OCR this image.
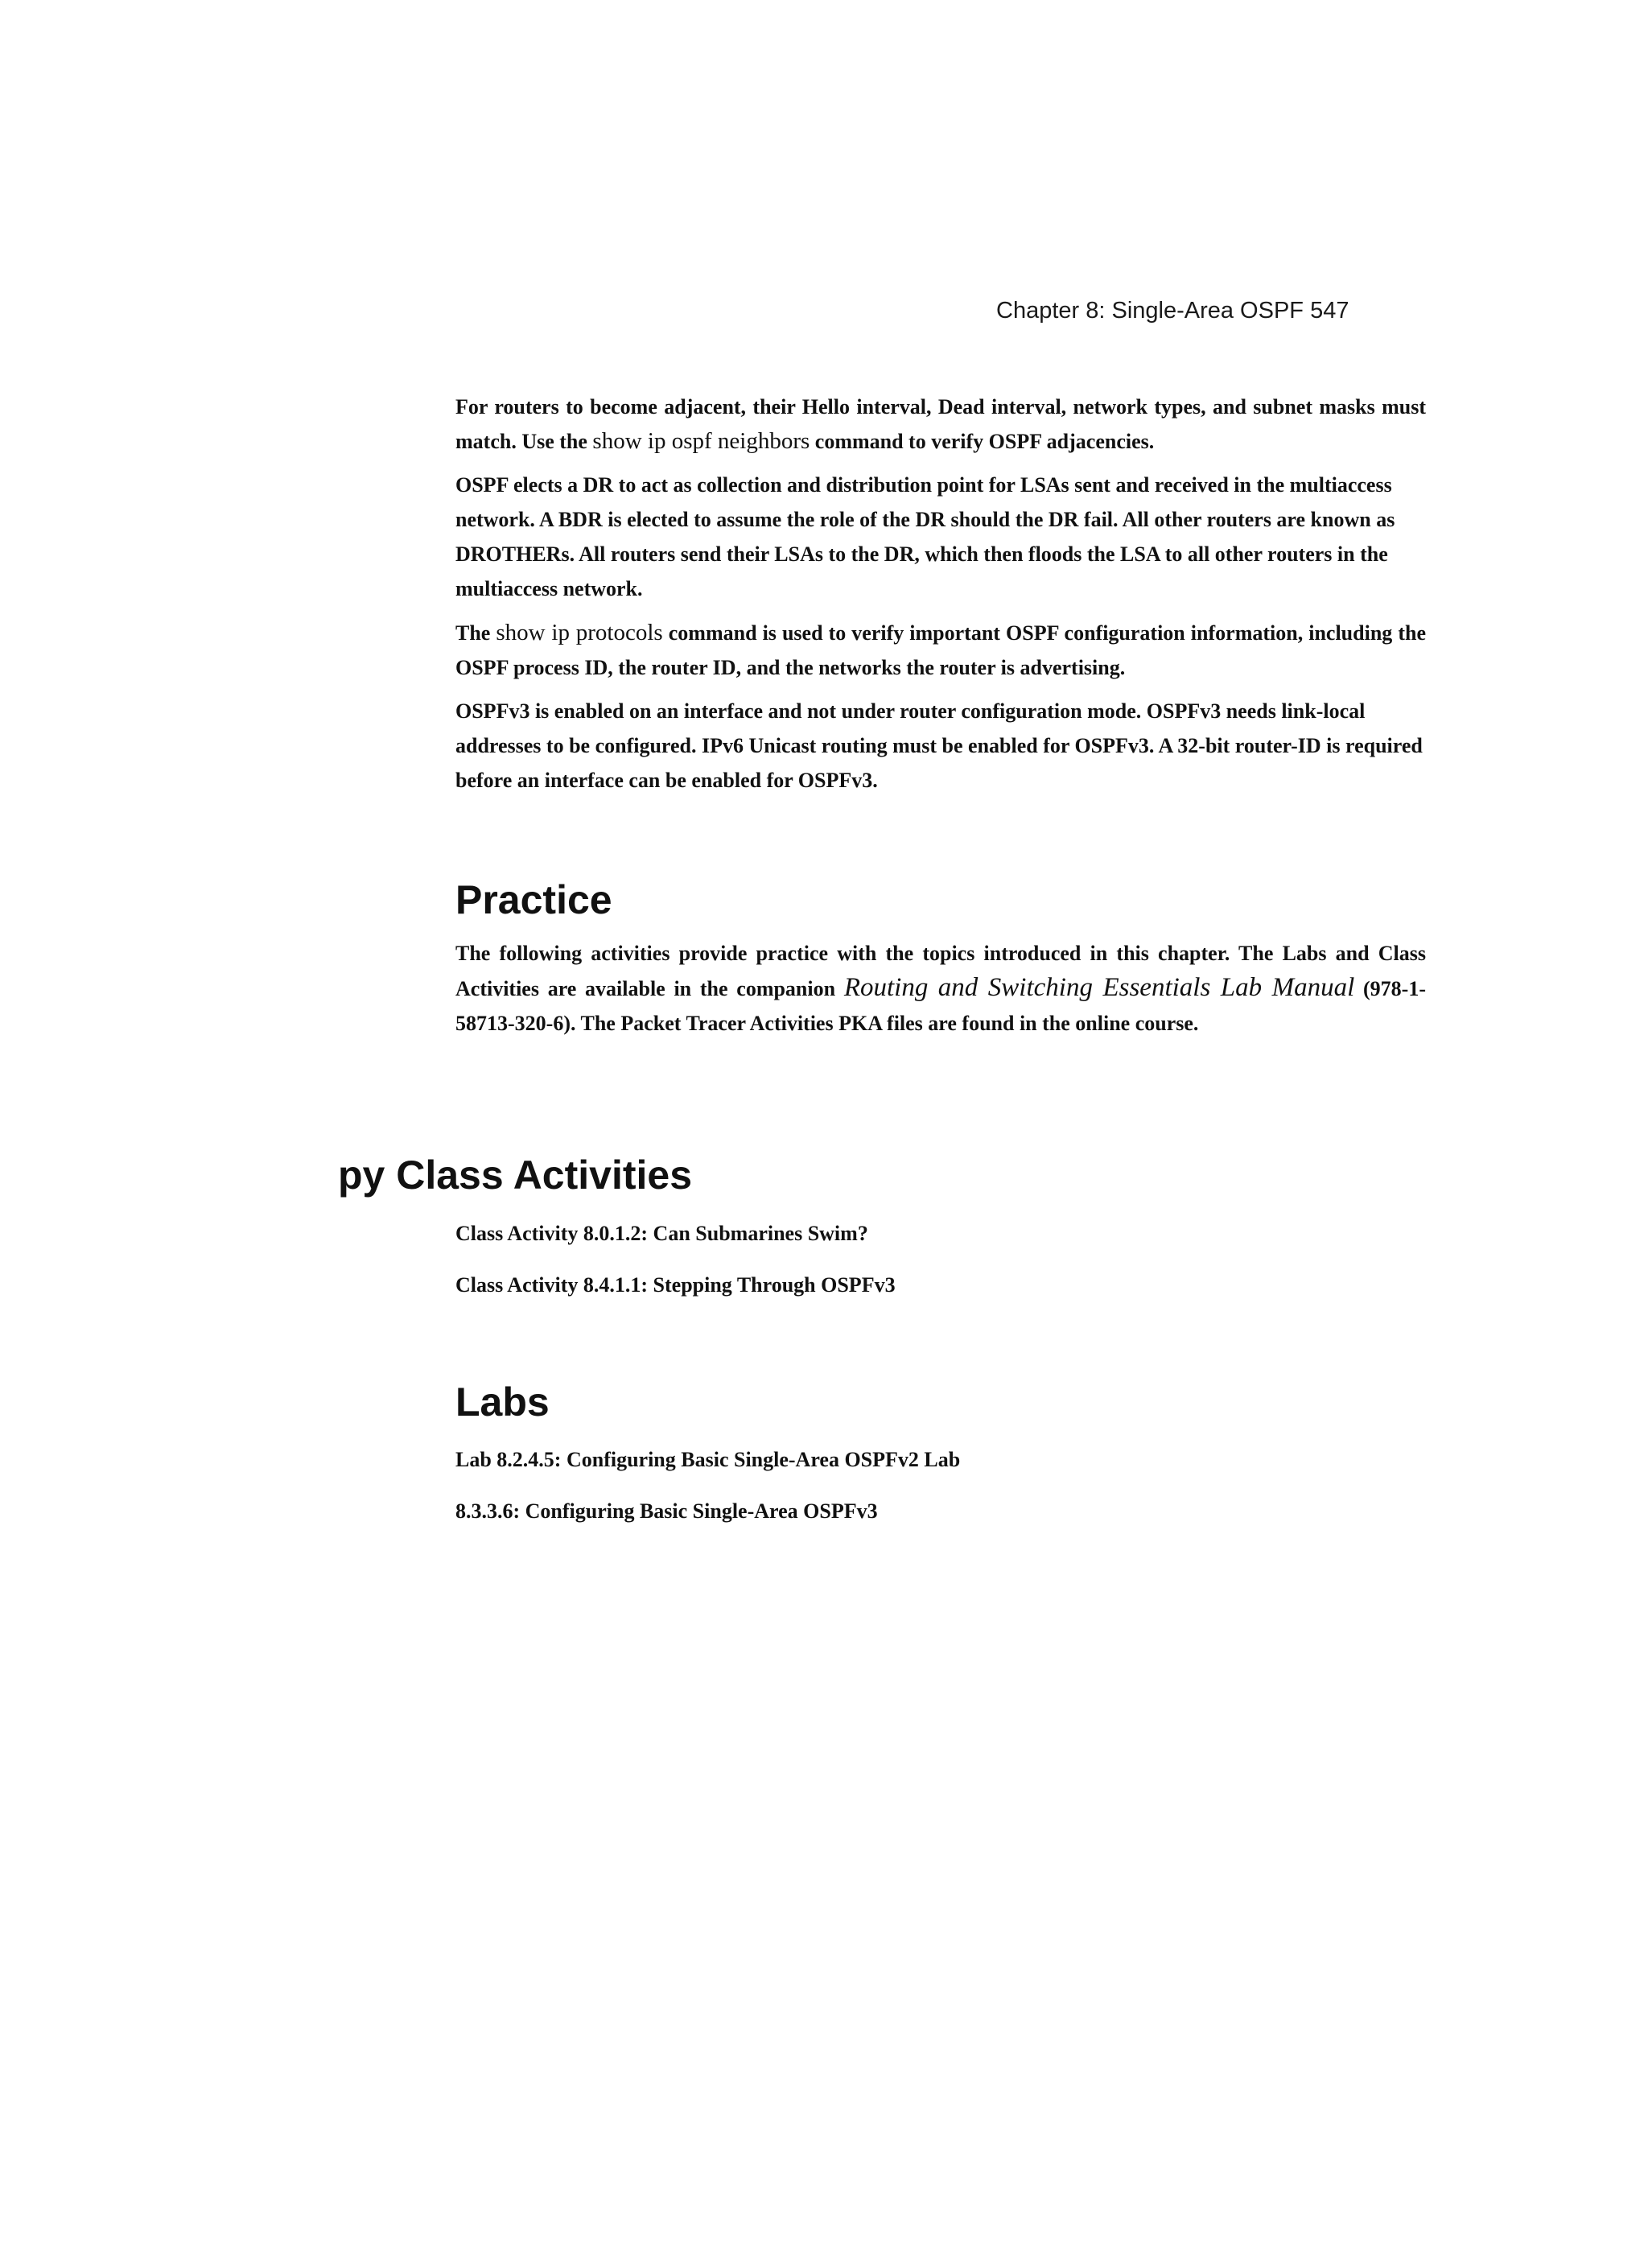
Chapter 8: Single-Area OSPF 547

For routers to become adjacent, their Hello interval, Dead interval, network types, and subnet masks must match. Use the show ip ospf neighbors command to verify OSPF adjacencies.

OSPF elects a DR to act as collection and distribution point for LSAs sent and received in the multiaccess network. A BDR is elected to assume the role of the DR should the DR fail. All other routers are known as DROTHERs. All routers send their LSAs to the DR, which then floods the LSA to all other routers in the multiaccess network.

The show ip protocols command is used to verify important OSPF configuration information, including the OSPF process ID, the router ID, and the networks the router is advertising.

OSPFv3 is enabled on an interface and not under router configuration mode. OSPFv3 needs link-local addresses to be configured. IPv6 Unicast routing must be enabled for OSPFv3. A 32-bit router-ID is required before an interface can be enabled for OSPFv3.

Practice

The following activities provide practice with the topics introduced in this chapter. The Labs and Class Activities are available in the companion Routing and Switching Essentials Lab Manual (978-1-58713-320-6). The Packet Tracer Activities PKA files are found in the online course.

py Class Activities
Class Activity 8.0.1.2: Can Submarines Swim?
Class Activity 8.4.1.1: Stepping Through OSPFv3
Labs
Lab 8.2.4.5: Configuring Basic Single-Area OSPFv2 Lab
8.3.3.6: Configuring Basic Single-Area OSPFv3
